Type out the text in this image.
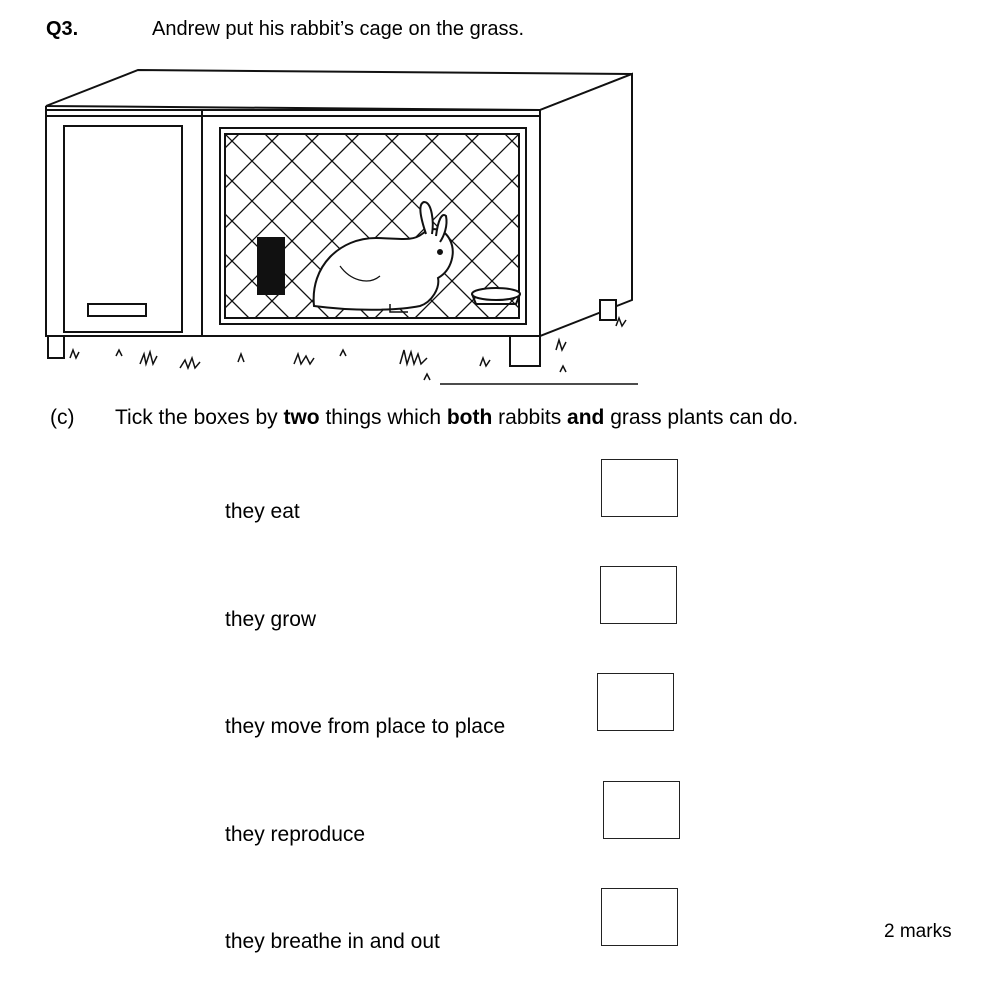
Q3.	Andrew put his rabbit’s cage on the grass.
(c) Tick the boxes by two things which both rabbits and grass plants can do.
they eat
they grow
they move from place to place
they reproduce
they breathe in and out	2 marks
